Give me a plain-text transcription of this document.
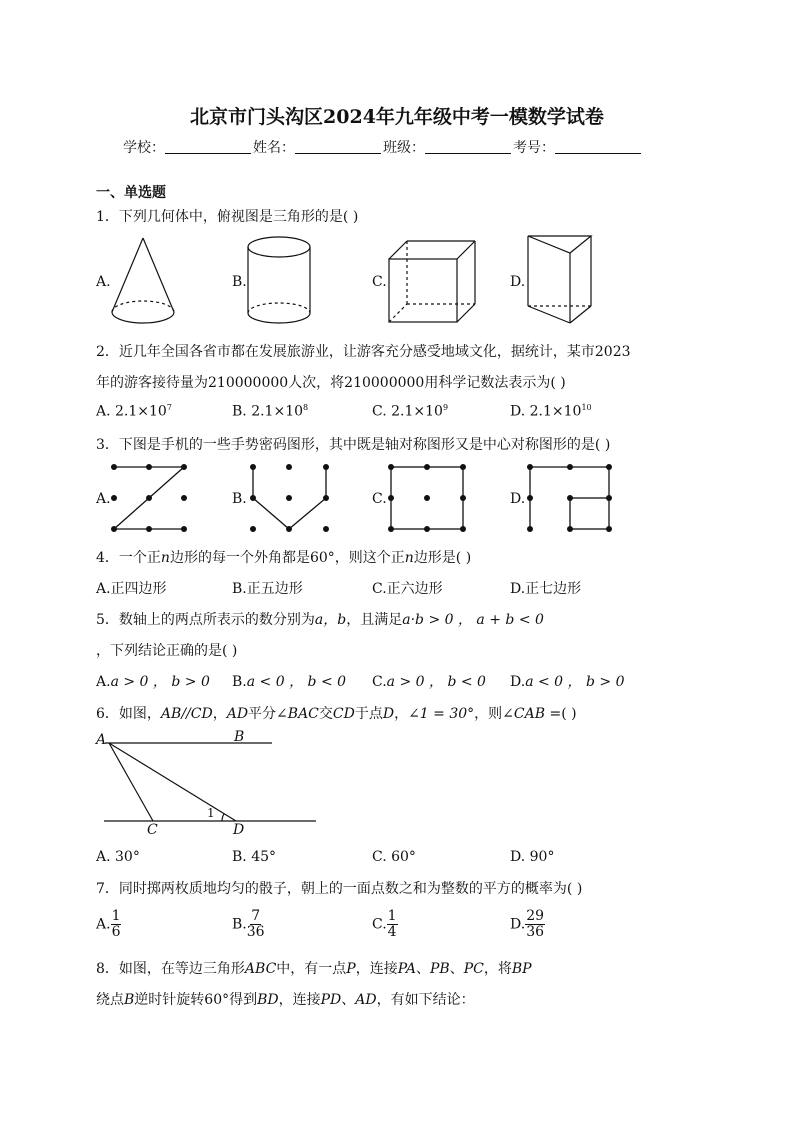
北京市门头沟区2024年九年级中考一模数学试卷
学校：	姓名：	班级：	考号：
一、单选题
1．下列几何体中，俯视图是三角形的是( )
A.	B.	C.	D.
2．近几年全国各省市都在发展旅游业，让游客充分感受地域文化，据统计，某市2023
年的游客接待量为210000000人次，将210000000用科学记数法表示为( )
A. $2.1\times 10^7$	B. $2.1\times 10^8$	C. $2.1\times 10^9$	D. $2.1\times 10^{10}$
3．下图是手机的一些手势密码图形，其中既是轴对称图形又是中心对称图形的是( )
A.	B.	C.	D.
4．一个正n边形的每一个外角都是60°，则这个正n边形是( )
A.正四边形	B.正五边形	C.正六边形	D.正七边形
5．数轴上的两点所表示的数分别为a，b，且满足a·b > 0 ， a + b < 0
，下列结论正确的是( )
A.a > 0 ， b > 0 B.a < 0 ， b < 0 C.a > 0 ， b < 0 D.a < 0 ， b > 0
6．如图，AB//CD，AD平分∠BAC交CD于点D，∠1 = 30°，则∠CAB =( )
A	B
C	D
1
A. 30°	B. 45°	C. 60°	D. 90°
7．同时掷两枚质地均匀的骰子，朝上的一面点数之和为整数的平方的概率为( )
A. $\frac{1}{6}$	B. $\frac{7}{36}$	C. $\frac{1}{4}$	D. $\frac{29}{36}$
8．如图，在等边三角形ABC中，有一点P，连接PA、PB、PC，将BP
绕点B逆时针旋转60°得到BD，连接PD、AD，有如下结论：
